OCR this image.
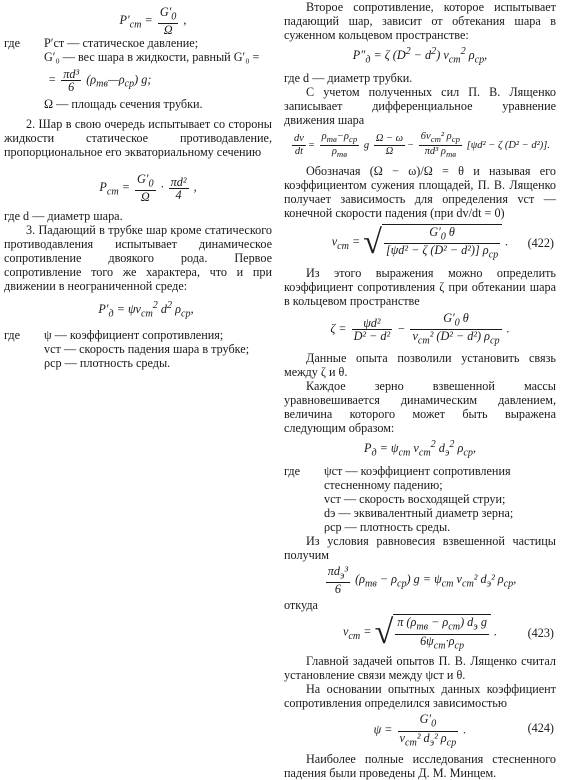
$P'_{ст} = \frac{G'_0}{\Omega}$ ,
где P′ст — статическое давление;
G′₀ — вес шара в жидкости, равный G′₀ =
= $\frac{\text{πd³}}{6}$ $(\rho_{тв}—\rho_{ср})$ g;
Ω — площадь сечения трубки.

2. Шар в свою очередь испытывает со стороны жидкости статическое противодавление, пропорциональное его экваториальному сечению

$P_{ст} = \frac{G'_0}{\Omega} \cdot \frac{\text{πd²}}{4}$ ,
где d — диаметр шара.

3. Падающий в трубке шар кроме статического противодавления испытывает динамическое сопротивление двоякого рода. Первое сопротивление того же характера, что и при движении в неограниченной среде:

$P'_д = \psi v_{ст}^2$ $d^2$ $\rho_{ср}$,
где ψ — коэффициент сопротивления;
vст — скорость падения шара в трубке;
ρср — плотность среды.

Второе сопротивление, которое испытывает падающий шар, зависит от обтекания шара в суженном кольцевом пространстве:

$P''_д = \zeta$ $(D^2 - d^2)$ $v_{ст}^2$ $\rho_{ср}$,
где d — диаметр трубки.

С учетом полученных сил П. В. Лященко записывает дифференциальное уравнение движения шара

$\frac{dv}{dt} = \frac{\rho_{тв}-\rho_{ср}}{\rho_{тв}}$ g $\frac{\Omega - \omega}{\Omega} - \frac{6v_{ст}^2 \rho_{ср}}{\pi d^3 \rho_{тв}} [\psi d^2 - \zeta$ (D² − d²)].

Обозначая (Ω − ω)/Ω = θ и называя его коэффициентом сужения площадей, П. В. Лященко получает зависимость для определения vст — конечной скорости падения (при dv/dt = 0)

$v_{ст}$ = √ $\frac{G'_0 \theta}{[\psi d^2 - \zeta (D^2 - d^2)] \rho_{ср}}$ . (422)

Из этого выражения можно определить коэффициент сопротивления ζ при обтекании шара в кольцевом пространстве

$\zeta = \frac{\text{ψd²}}{\text{D² − d²}} - \frac{G'_0 \theta}{v_{ст}^2 (D^2 - d^2) \rho_{ср}}$ .

Данные опыта позволили установить связь между ζ и θ.

Каждое зерно взвешенной массы уравновешивается динамическим давлением, величина которого может быть выражена следующим образом:

$P_д = \psi_{ст}$ $v_{ст}^2$ $d_э^2$ $\rho_{ср}$,
где ψст — коэффициент сопротивления стесненному падению;
vст — скорость восходящей струи;
dэ — эквивалентный диаметр зерна;
ρср — плотность среды.

Из условия равновесия взвешенной частицы получим

$\frac{\pi d_э^3}{6} (\rho_{тв} - \rho_{ср}) g = \psi_{ст}$ $v_{ст}^2$ $d_э^2$ $\rho_{ср}$,
откуда
$v_{ст}$ = √ $\frac{\pi (\rho_{тв} - \rho_{ст}) d_э g}{6\psi_{ст}\cdot\rho_{ср}}$ .	(423)

Главной задачей опытов П. В. Лященко считал установление связи между ψст и θ.

На основании опытных данных коэффициент сопротивления определился зависимостью

$\psi = \frac{G'_0}{v_{ст}^2 d_э^2 \rho_{ср}}$ .	(424)

Наиболее полные исследования стесненного падения были проведены Д. М. Минцем.
